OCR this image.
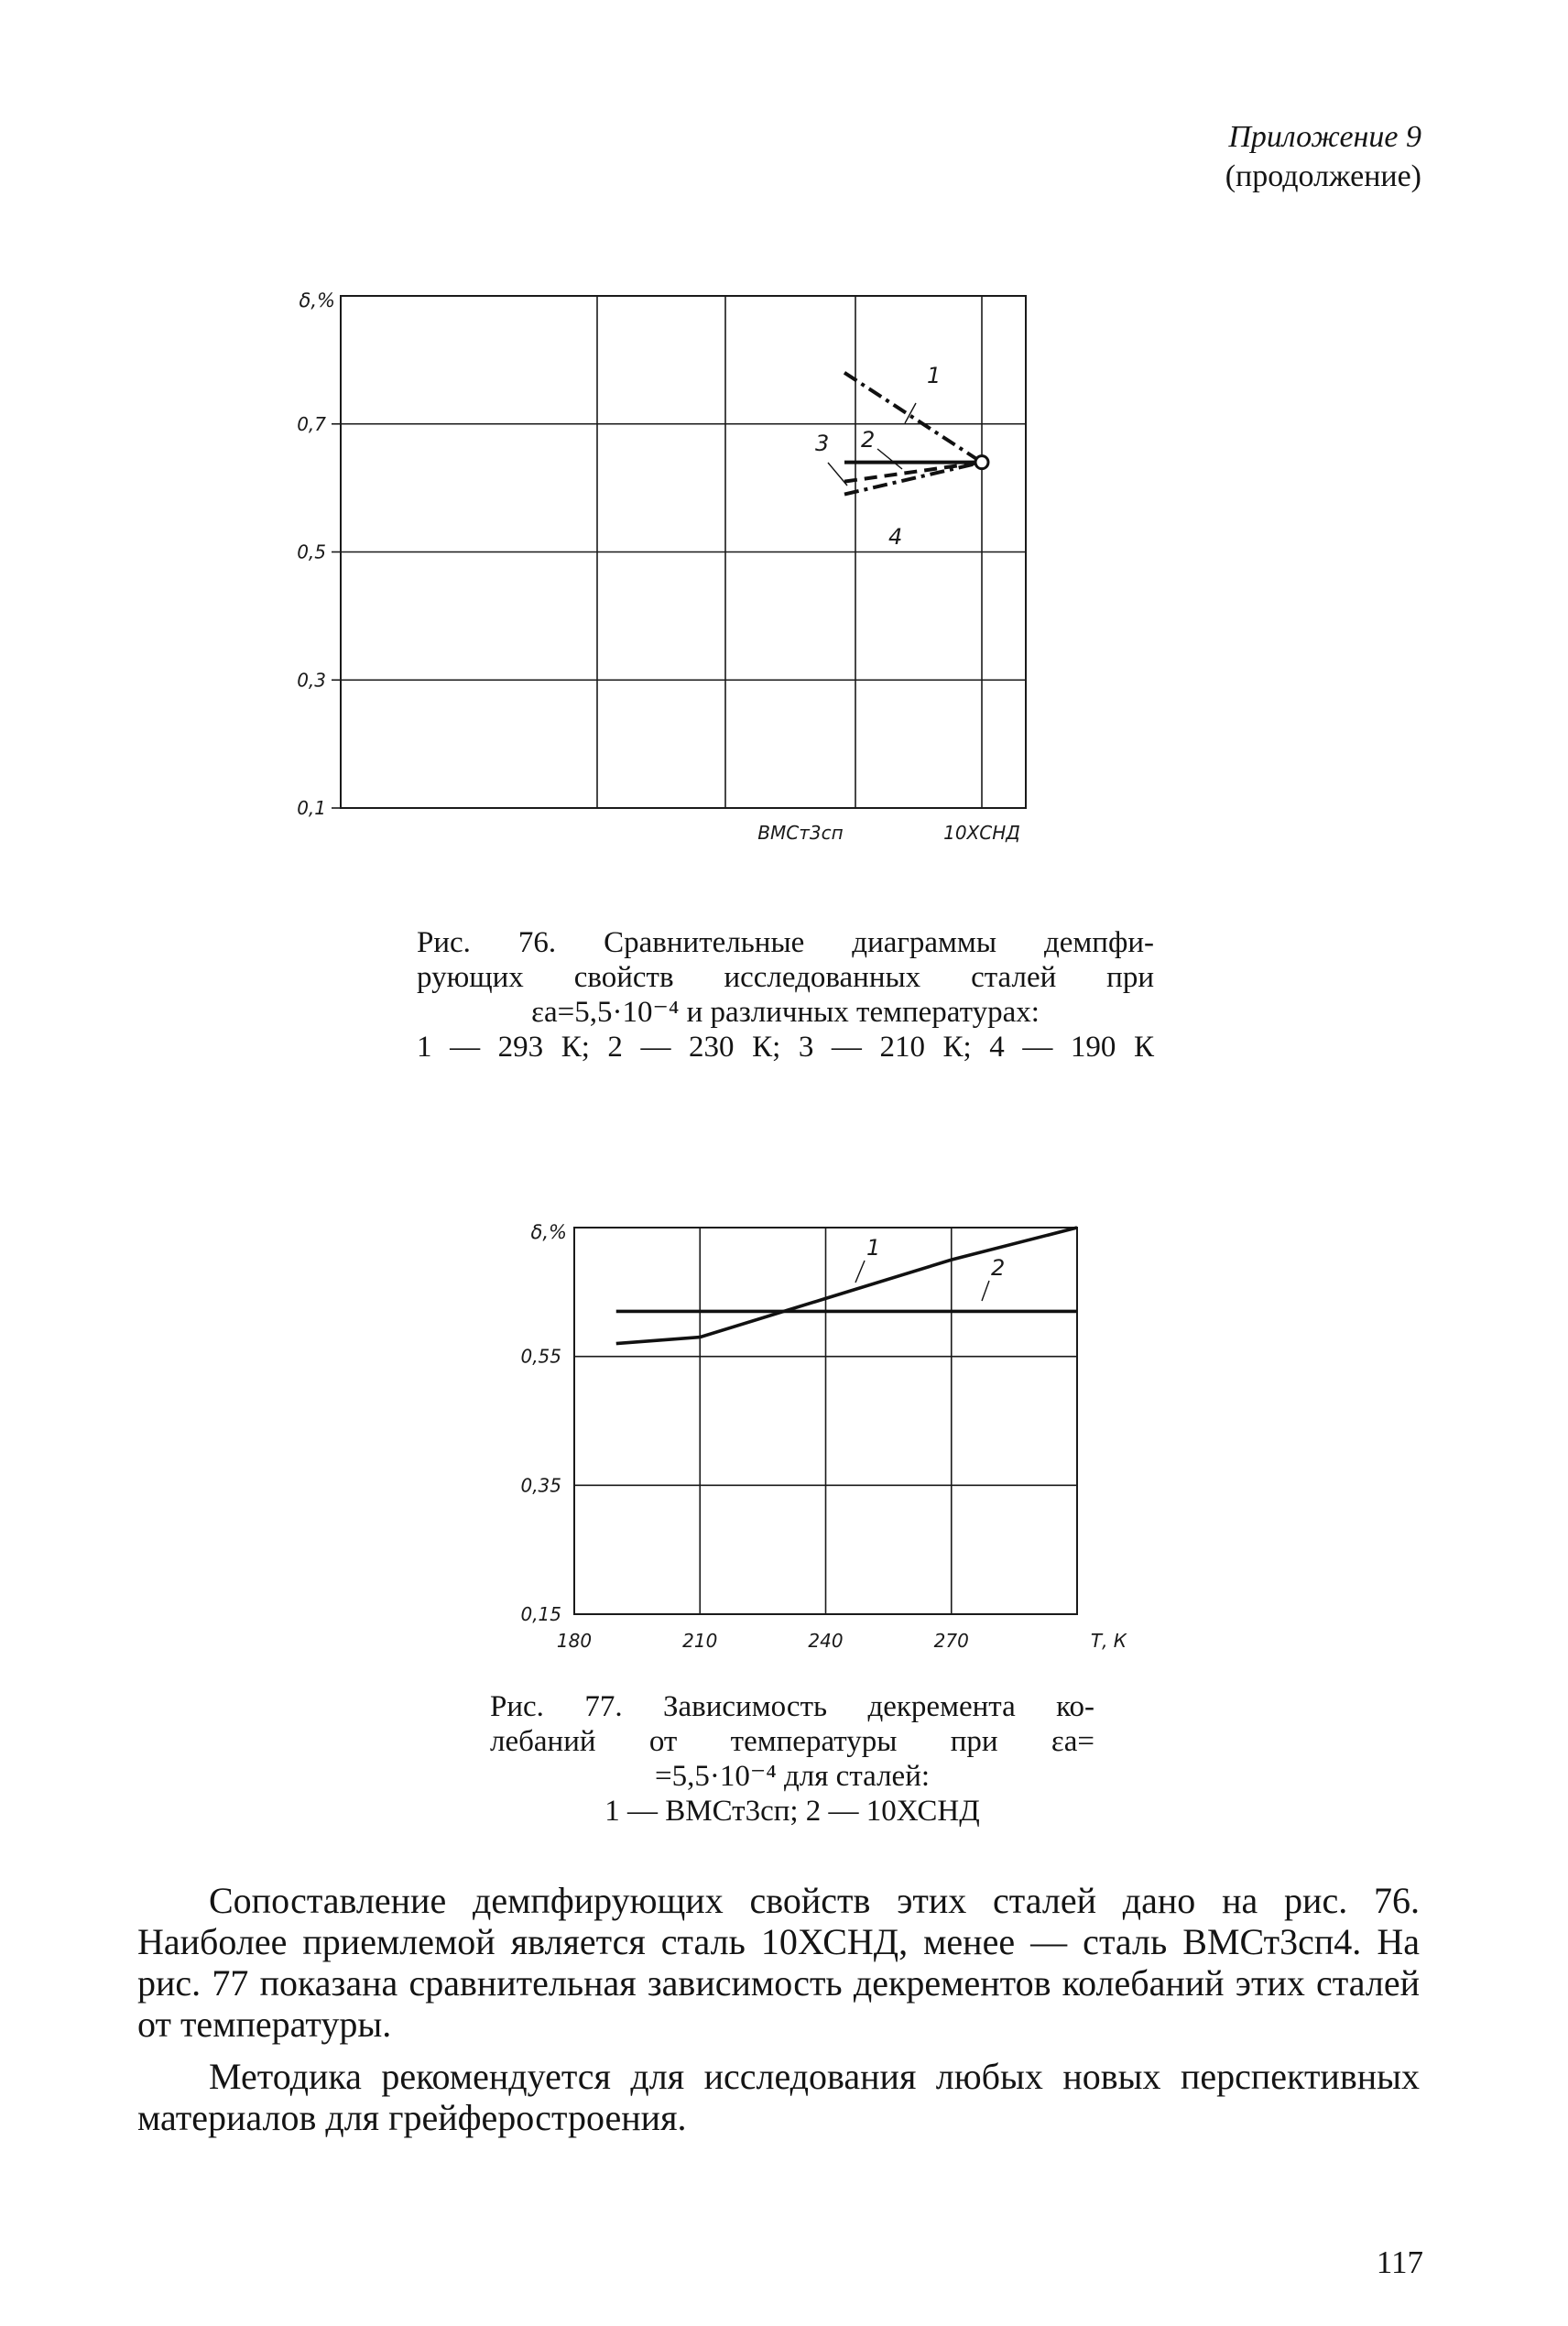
Приложение 9
(продолжение)
0,1
0,3
0,5
0,7
δ,%
ВМСт3сп	10ХСНД
1
2
3
4
180	210	240	270
0,15
0,35
0,55
δ,%
Т, К
1
2
Рис. 76. Сравнительные диаграммы демпфи-
рующих свойств исследованных сталей при
εа=5,5·10⁻⁴ и различных температурах:
1 — 293 К; 2 — 230 К; 3 — 210 К; 4 — 190 К
Рис. 77. Зависимость декремента ко-
лебаний от температуры при εа=
=5,5·10⁻⁴ для сталей:
1 — ВМСт3сп; 2 — 10ХСНД

Сопоставление демпфирующих свойств этих сталей дано на рис. 76. Наиболее приемлемой является сталь 10ХСНД, менее — сталь ВМСт3сп4. На рис. 77 показана сравнительная зависимость декрементов колебаний этих сталей от температуры.

Методика рекомендуется для исследования любых новых перспективных материалов для грейферостроения.

117
